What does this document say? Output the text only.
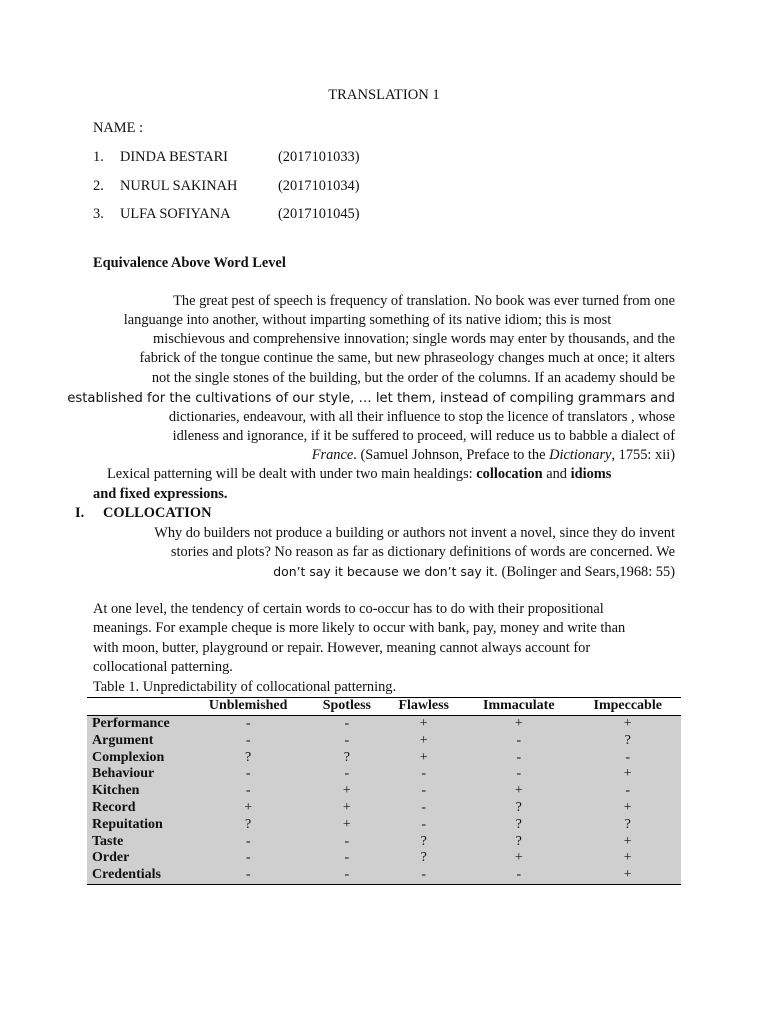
TRANSLATION 1
NAME :
1. DINDA BESTARI	(2017101033)
2. NURUL SAKINAH	(2017101034)
3. ULFA SOFIYANA	(2017101045)
Equivalence Above Word Level
The great pest of speech is frequency of translation. No book was ever turned from one
languange into another, without imparting something of its native idiom; this is most
mischievous and comprehensive innovation; single words may enter by thousands, and the
fabrick of the tongue continue the same, but new phraseology changes much at once; it alters
not the single stones of the building, but the order of the columns. If an academy should be
established for the cultivations of our style, … let them, instead of compiling grammars and
dictionaries, endeavour, with all their influence to stop the licence of translators , whose
idleness and ignorance, if it be suffered to proceed, will reduce us to babble a dialect of
France. (Samuel Johnson, Preface to the Dictionary, 1755: xii)
Lexical patterning will be dealt with under two main healdings: collocation and idioms
and fixed expressions.
I. COLLOCATION
Why do builders not produce a building or authors not invent a novel, since they do invent
stories and plots? No reason as far as dictionary definitions of words are concerned. We
don’t say it because we don’t say it. (Bolinger and Sears,1968: 55)
At one level, the tendency of certain words to co-occur has to do with their propositional
meanings. For example cheque is more likely to occur with bank, pay, money and write than
with moon, butter, playground or repair. However, meaning cannot always account for
collocational patterning.
Table 1. Unpredictability of collocational patterning.
	Unblemished	Spotless	Flawless	Immaculate	Impeccable
Performance	-	-	+	+	+
Argument	-	-	+	-	?
Complexion	?	?	+	-	-
Behaviour	-	-	-	-	+
Kitchen	-	+	-	+	-
Record	+	+	-	?	+
Repuitation	?	+	-	?	?
Taste	-	-	?	?	+
Order	-	-	?	+	+
Credentials	-	-	-	-	+
